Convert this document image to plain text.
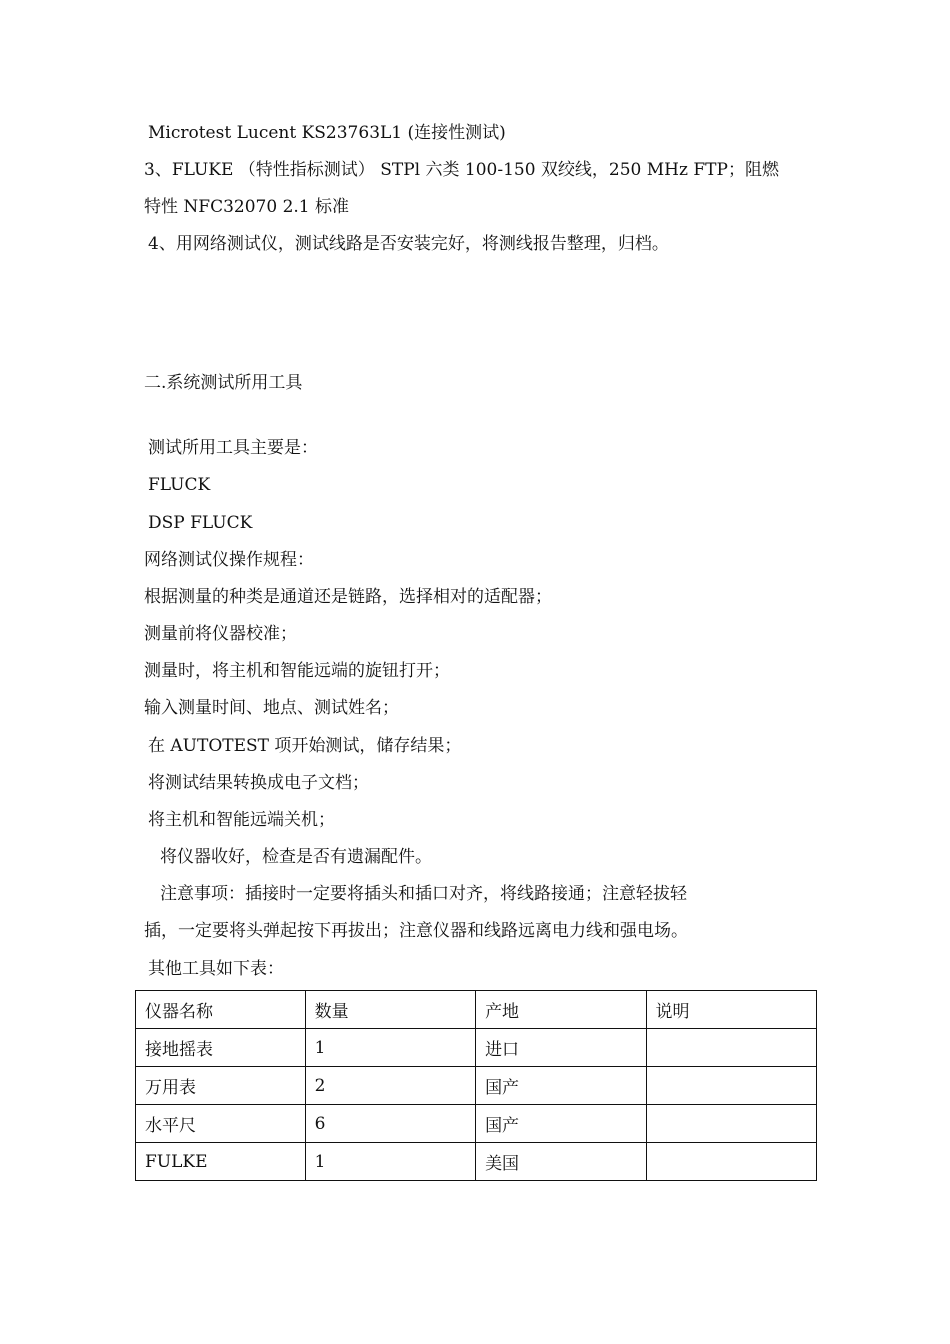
Microtest Lucent KS23763L1 (连接性测试)
3、FLUKE （特性指标测试） STPl 六类 100-150 双绞线，250 MHz FTP；阻燃
特性 NFC32070 2.1 标准
4、用网络测试仪，测试线路是否安装完好，将测线报告整理，归档。
二.系统测试所用工具
测试所用工具主要是：
FLUCK
DSP FLUCK
网络测试仪操作规程：
根据测量的种类是通道还是链路，选择相对的适配器；
测量前将仪器校准；
测量时，将主机和智能远端的旋钮打开；
输入测量时间、地点、测试姓名；
在 AUTOTEST 项开始测试，储存结果；
将测试结果转换成电子文档；
将主机和智能远端关机；
将仪器收好，检查是否有遗漏配件。
注意事项：插接时一定要将插头和插口对齐，将线路接通；注意轻拔轻
插，一定要将头弹起按下再拔出；注意仪器和线路远离电力线和强电场。
其他工具如下表：
仪器名称	数量	产地	说明
接地摇表	1	进口	
万用表	2	国产	
水平尺	6	国产	
FULKE	1	美国	
